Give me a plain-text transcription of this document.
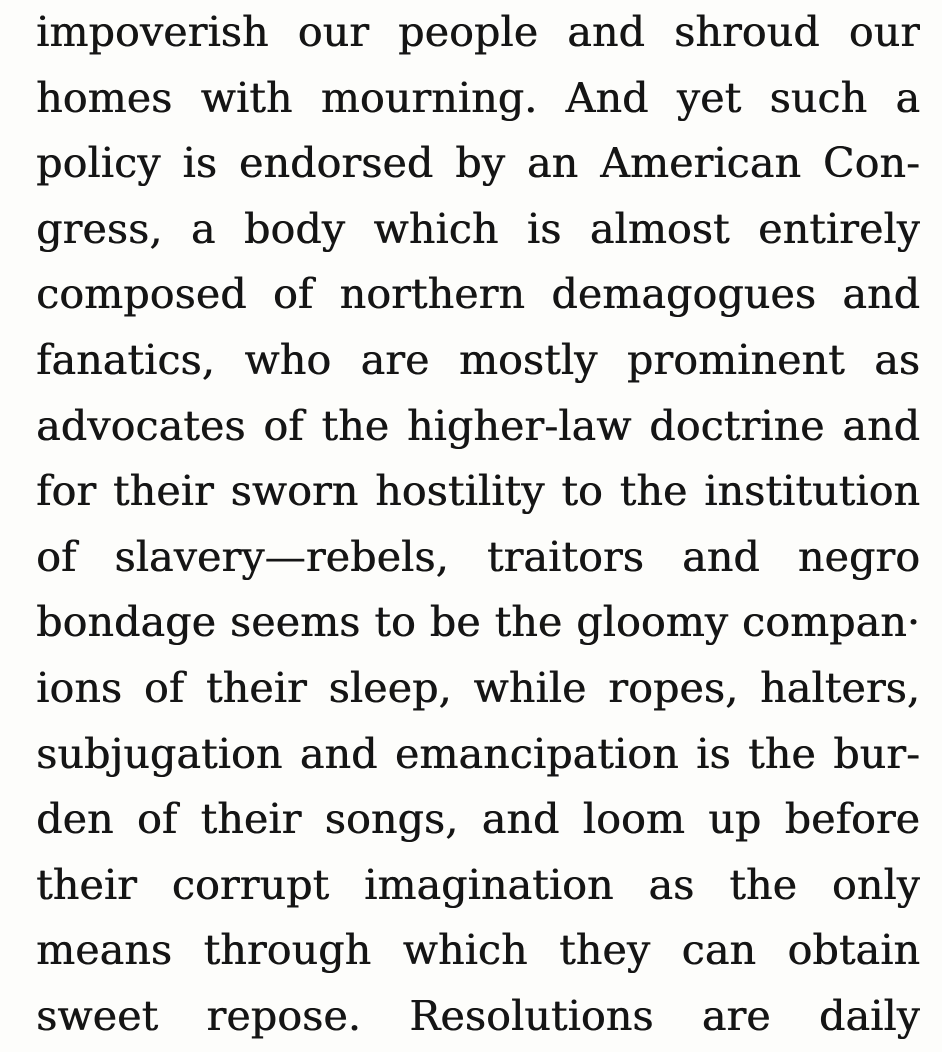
impoverish our people and shroud our
homes with mourning. And yet such a
policy is endorsed by an American Con-
gress, a body which is almost entirely
composed of northern demagogues and
fanatics, who are mostly prominent as
advocates of the higher-law doctrine and
for their sworn hostility to the institution
of slavery—rebels, traitors and negro
bondage seems to be the gloomy compan·
ions of their sleep, while ropes, halters,
subjugation and emancipation is the bur-
den of their songs, and loom up before
their corrupt imagination as the only
means through which they can obtain
sweet repose. Resolutions are daily
